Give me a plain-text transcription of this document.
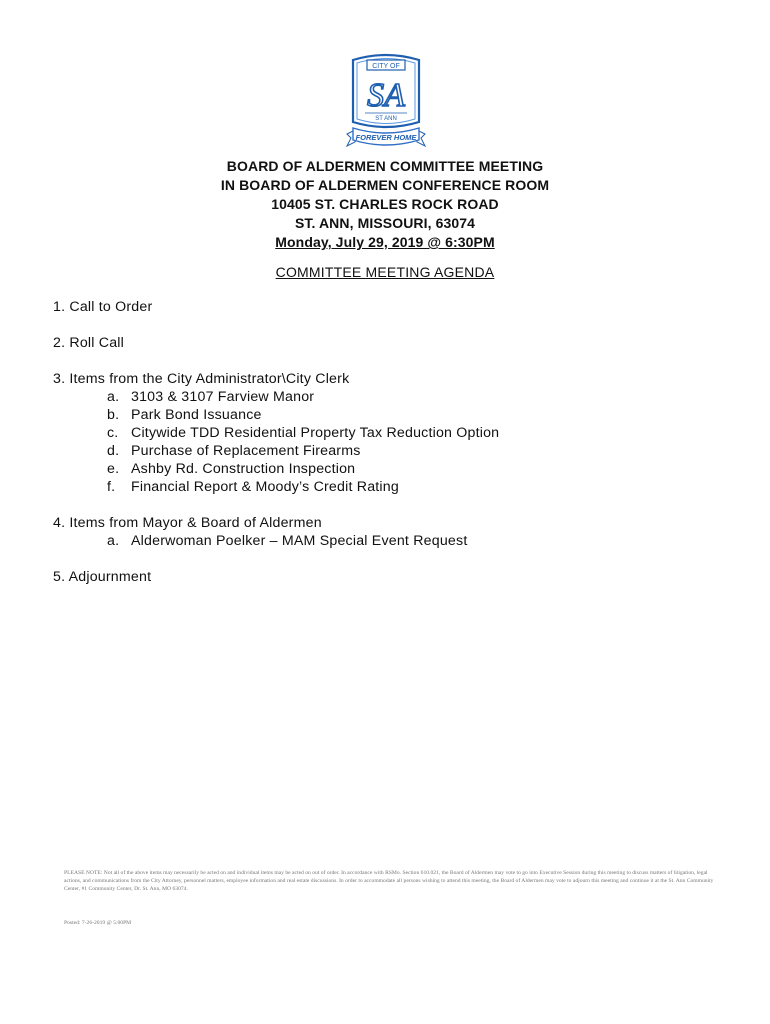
CITY OF
SA
ST ANN
FOREVER HOME
BOARD OF ALDERMEN COMMITTEE MEETING
IN BOARD OF ALDERMEN CONFERENCE ROOM
10405 ST. CHARLES ROCK ROAD
ST. ANN, MISSOURI, 63074
Monday, July 29, 2019 @ 6:30PM
COMMITTEE MEETING AGENDA
1. Call to Order
2. Roll Call
3. Items from the City Administrator\City Clerk
a. 3103 & 3107 Farview Manor
b. Park Bond Issuance
c. Citywide TDD Residential Property Tax Reduction Option
d. Purchase of Replacement Firearms
e. Ashby Rd. Construction Inspection
f. Financial Report & Moody’s Credit Rating
4. Items from Mayor & Board of Aldermen
a. Alderwoman Poelker – MAM Special Event Request
5. Adjournment
PLEASE NOTE: Not all of the above items may necessarily be acted on and individual items may be acted on out of order. In accordance with RSMo. Section 610.021, the Board of Aldermen may vote to go into Executive Session during this meeting to discuss matters of litigation, legal actions, and communications from the City Attorney, personnel matters, employee information and real estate discussions. In order to accommodate all persons wishing to attend this meeting, the Board of Aldermen may vote to adjourn this meeting and continue it at the St. Ann Community Center, #1 Community Center, Dr. St. Ann, MO 63074.
Posted: 7-26-2019 @ 5:00PM
